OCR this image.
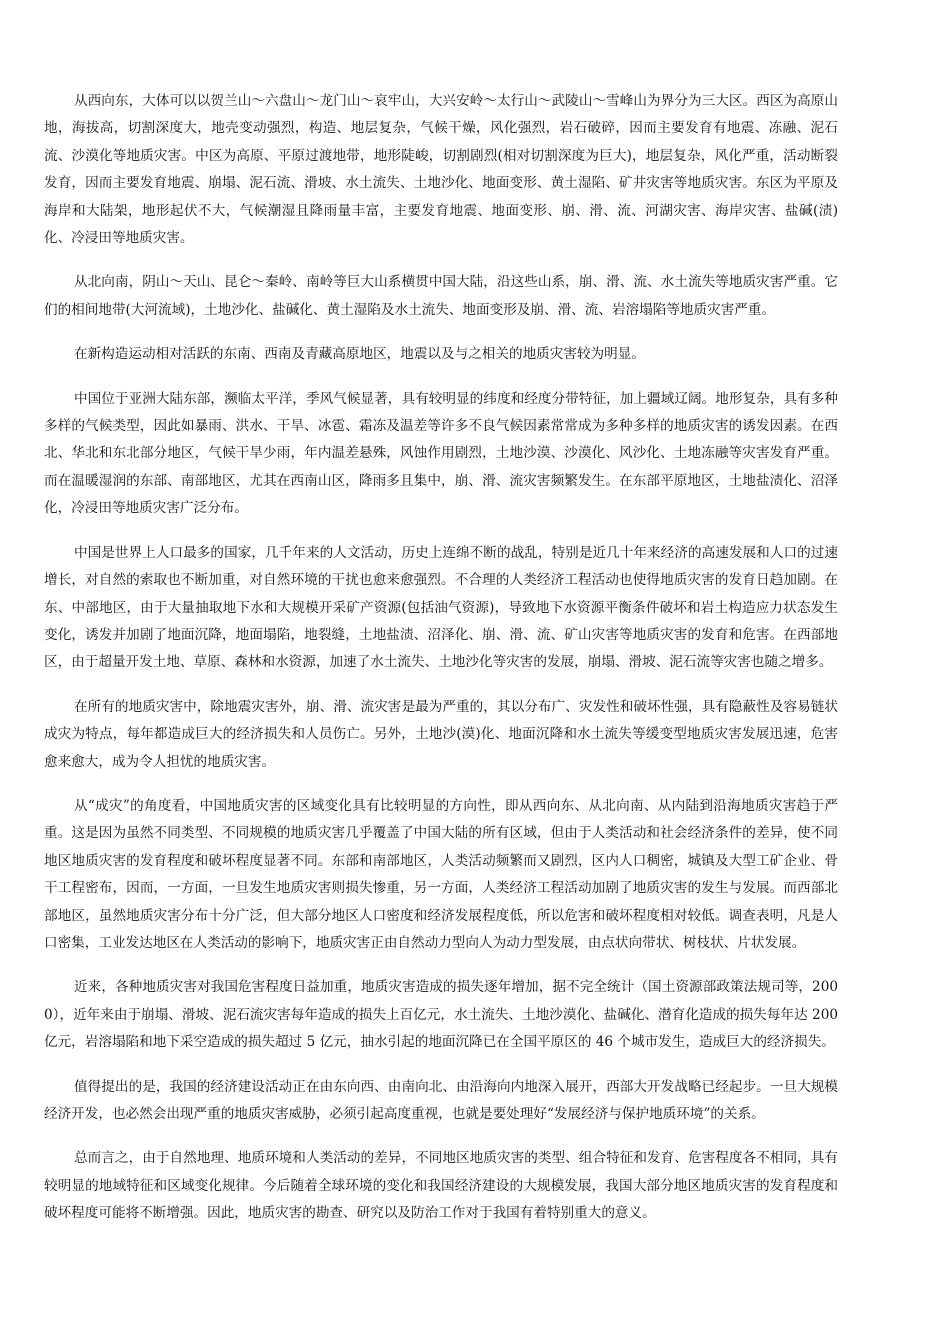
从西向东，大体可以以贺兰山～六盘山～龙门山～哀牢山，大兴安岭～太行山～武陵山～雪峰山为界分为三大区。西区为高原山地，海拔高，切割深度大，地壳变动强烈，构造、地层复杂，气候干燥，风化强烈，岩石破碎，因而主要发育有地震、冻融、泥石流、沙漠化等地质灾害。中区为高原、平原过渡地带，地形陡峻，切割剧烈(相对切割深度为巨大)，地层复杂，风化严重，活动断裂发育，因而主要发育地震、崩塌、泥石流、滑坡、水土流失、土地沙化、地面变形、黄土湿陷、矿井灾害等地质灾害。东区为平原及海岸和大陆架，地形起伏不大，气候潮湿且降雨量丰富，主要发育地震、地面变形、崩、滑、流、河湖灾害、海岸灾害、盐碱(渍)化、冷浸田等地质灾害。

从北向南，阴山～天山、昆仑～秦岭、南岭等巨大山系横贯中国大陆，沿这些山系，崩、滑、流、水土流失等地质灾害严重。它们的相间地带(大河流域)，土地沙化、盐碱化、黄土湿陷及水土流失、地面变形及崩、滑、流、岩溶塌陷等地质灾害严重。

在新构造运动相对活跃的东南、西南及青藏高原地区，地震以及与之相关的地质灾害较为明显。

中国位于亚洲大陆东部，濒临太平洋，季风气候显著，具有较明显的纬度和经度分带特征，加上疆域辽阔。地形复杂，具有多种多样的气候类型，因此如暴雨、洪水、干旱、冰雹、霜冻及温差等许多不良气候因素常常成为多种多样的地质灾害的诱发因素。在西北、华北和东北部分地区，气候干旱少雨，年内温差悬殊，风蚀作用剧烈，土地沙漠、沙漠化、风沙化、土地冻融等灾害发育严重。而在温暖湿润的东部、南部地区，尤其在西南山区，降雨多且集中，崩、滑、流灾害频繁发生。在东部平原地区，土地盐渍化、沼泽化，冷浸田等地质灾害广泛分布。

中国是世界上人口最多的国家，几千年来的人文活动，历史上连绵不断的战乱，特别是近几十年来经济的高速发展和人口的过速增长，对自然的索取也不断加重，对自然环境的干扰也愈来愈强烈。不合理的人类经济工程活动也使得地质灾害的发育日趋加剧。在东、中部地区，由于大量抽取地下水和大规模开采矿产资源(包括油气资源)，导致地下水资源平衡条件破坏和岩土构造应力状态发生变化，诱发并加剧了地面沉降，地面塌陷，地裂缝，土地盐渍、沼泽化、崩、滑、流、矿山灾害等地质灾害的发育和危害。在西部地区，由于超量开发土地、草原、森林和水资源，加速了水土流失、土地沙化等灾害的发展，崩塌、滑坡、泥石流等灾害也随之增多。

在所有的地质灾害中，除地震灾害外，崩、滑、流灾害是最为严重的，其以分布广、灾发性和破坏性强，具有隐蔽性及容易链状成灾为特点，每年都造成巨大的经济损失和人员伤亡。另外，土地沙(漠)化、地面沉降和水土流失等缓变型地质灾害发展迅速，危害愈来愈大，成为令人担忧的地质灾害。

从“成灾”的角度看，中国地质灾害的区域变化具有比较明显的方向性，即从西向东、从北向南、从内陆到沿海地质灾害趋于严重。这是因为虽然不同类型、不同规模的地质灾害几乎覆盖了中国大陆的所有区域，但由于人类活动和社会经济条件的差异，使不同地区地质灾害的发育程度和破坏程度显著不同。东部和南部地区，人类活动频繁而又剧烈，区内人口稠密，城镇及大型工矿企业、骨干工程密布，因而，一方面，一旦发生地质灾害则损失惨重，另一方面，人类经济工程活动加剧了地质灾害的发生与发展。而西部北部地区，虽然地质灾害分布十分广泛，但大部分地区人口密度和经济发展程度低，所以危害和破坏程度相对较低。调查表明，凡是人口密集，工业发达地区在人类活动的影响下，地质灾害正由自然动力型向人为动力型发展，由点状向带状、树枝状、片状发展。

近来，各种地质灾害对我国危害程度日益加重，地质灾害造成的损失逐年增加，据不完全统计（国土资源部政策法规司等，2000），近年来由于崩塌、滑坡、泥石流灾害每年造成的损失上百亿元，水土流失、土地沙漠化、盐碱化、潜育化造成的损失每年达 200 亿元，岩溶塌陷和地下采空造成的损失超过 5 亿元，抽水引起的地面沉降已在全国平原区的 46 个城市发生，造成巨大的经济损失。

值得提出的是，我国的经济建设活动正在由东向西、由南向北、由沿海向内地深入展开，西部大开发战略已经起步。一旦大规模经济开发，也必然会出现严重的地质灾害威胁，必须引起高度重视，也就是要处理好“发展经济与保护地质环境”的关系。

总而言之，由于自然地理、地质环境和人类活动的差异，不同地区地质灾害的类型、组合特征和发育、危害程度各不相同，具有较明显的地域特征和区域变化规律。今后随着全球环境的变化和我国经济建设的大规模发展，我国大部分地区地质灾害的发育程度和破坏程度可能将不断增强。因此，地质灾害的勘查、研究以及防治工作对于我国有着特别重大的意义。
